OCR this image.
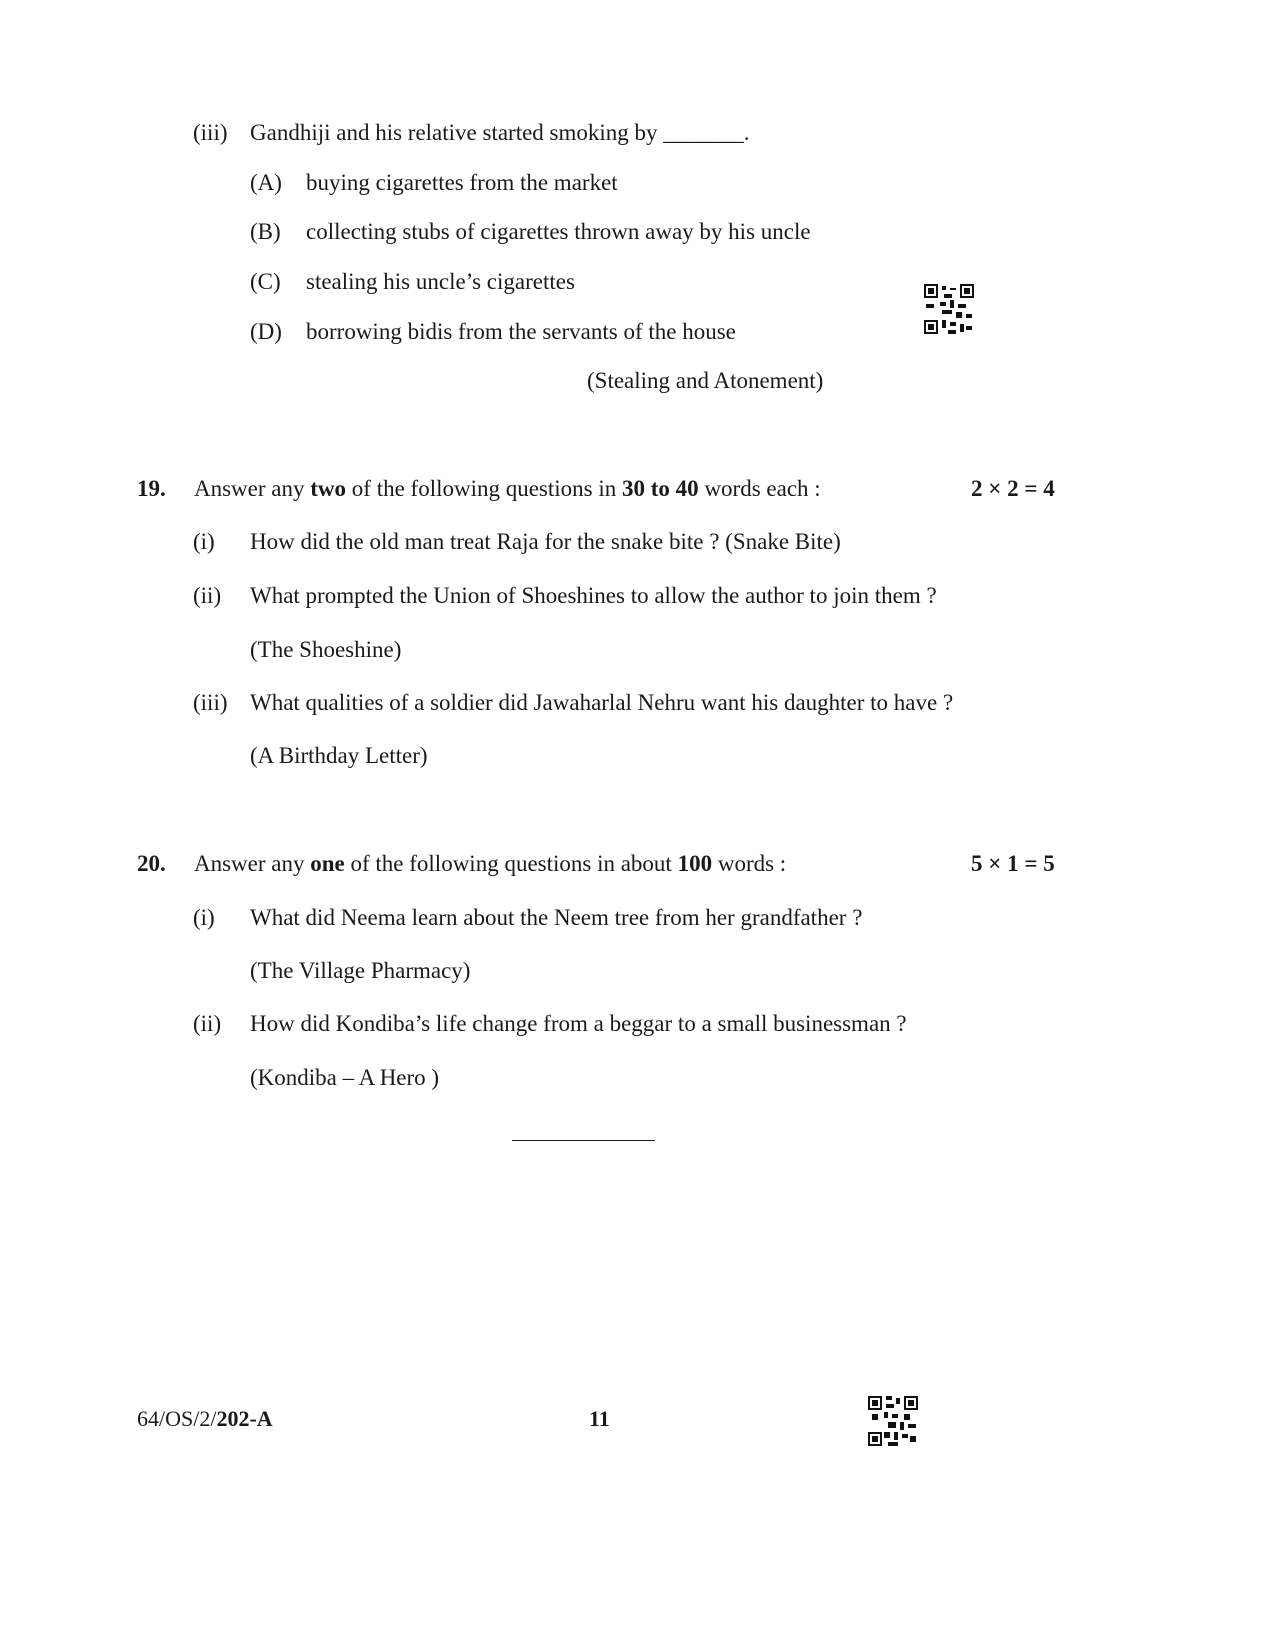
(iii) Gandhiji and his relative started smoking by _______.
(A) buying cigarettes from the market
(B) collecting stubs of cigarettes thrown away by his uncle
(C) stealing his uncle’s cigarettes
(D) borrowing bidis from the servants of the house
(Stealing and Atonement)
19. Answer any two of the following questions in 30 to 40 words each :	2 × 2 = 4
(i) How did the old man treat Raja for the snake bite ? (Snake Bite)
(ii) What prompted the Union of Shoeshines to allow the author to join them ?
(The Shoeshine)
(iii) What qualities of a soldier did Jawaharlal Nehru want his daughter to have ?
(A Birthday Letter)
20. Answer any one of the following questions in about 100 words :	5 × 1 = 5
(i) What did Neema learn about the Neem tree from her grandfather ?
(The Village Pharmacy)
(ii) How did Kondiba’s life change from a beggar to a small businessman ?
(Kondiba – A Hero )
64/OS/2/202-A	11
